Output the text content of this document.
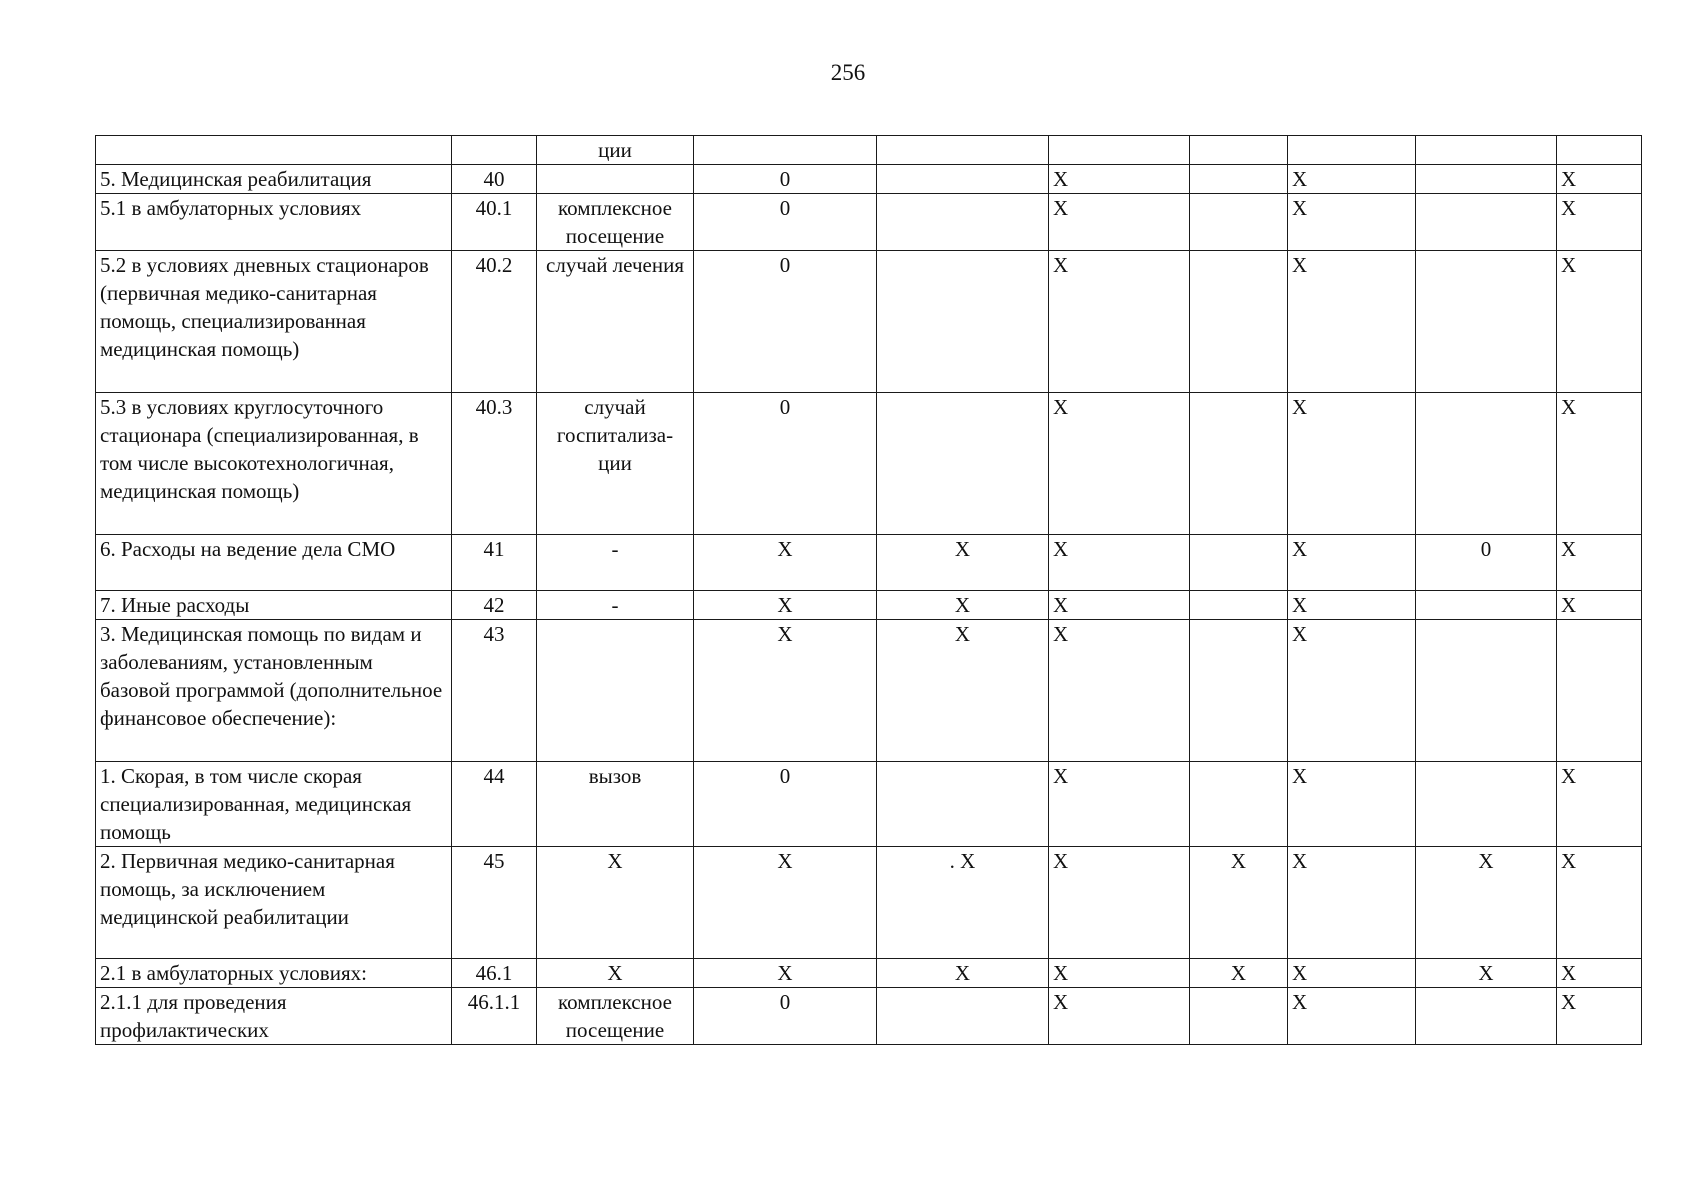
256
		ции							
5. Медицинская реабилитация	40		0		X		X		X
5.1 в амбулаторных условиях	40.1	комплексное посещение	0		X		X		X
5.2 в условиях дневных стационаров (первичная медико-санитарная помощь, специализированная медицинская помощь)	40.2	случай лечения	0		X		X		X
5.3 в условиях круглосуточного стационара (специализированная, в том числе высокотехнологичная, медицинская помощь)	40.3	случай госпитализа-ции	0		X		X		X
6. Расходы на ведение дела СМО	41	-	X	X	X		X	0	X
7. Иные расходы	42	-	X	X	X		X		X
3. Медицинская помощь по видам и заболеваниям, установленным базовой программой (дополнительное финансовое обеспечение):	43		X	X	X		X		
1. Скорая, в том числе скорая специализированная, медицинская помощь	44	вызов	0		X		X		X
2. Первичная медико-санитарная помощь, за исключением медицинской реабилитации	45	X	X	. X	X	X	X	X	X
2.1 в амбулаторных условиях:	46.1	X	X	X	X	X	X	X	X
2.1.1 для проведения профилактических	46.1.1	комплексное посещение	0		X		X		X
